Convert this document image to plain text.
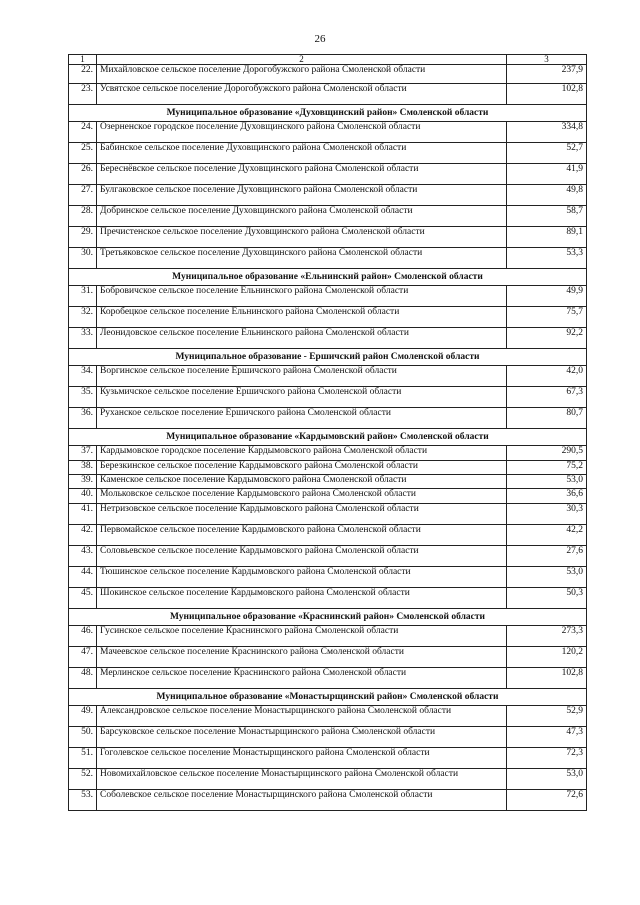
26
1	2	3
22.	Михайловское сельское поселение Дорогобужского района Смоленской области	237,9
23.	Усвятское сельское поселение Дорогобужского района Смоленской области	102,8
Муниципальное образование «Духовщинский район» Смоленской области		
24.	Озерненское городское поселение Духовщинского района Смоленской области	334,8
25.	Бабинское сельское поселение Духовщинского района Смоленской области	52,7
26.	Береснёвское сельское поселение Духовщинского района Смоленской области	41,9
27.	Булгаковское сельское поселение Духовщинского района Смоленской области	49,8
28.	Добринское сельское поселение Духовщинского района Смоленской области	58,7
29.	Пречистенское сельское поселение Духовщинского района Смоленской области	89,1
30.	Третьяковское сельское поселение Духовщинского района Смоленской области	53,3
Муниципальное образование «Ельнинский район» Смоленской области		
31.	Бобровичское сельское поселение Ельнинского района Смоленской области	49,9
32.	Коробецкое сельское поселение Ельнинского района Смоленской области	75,7
33.	Леонидовское сельское поселение Ельнинского района Смоленской области	92,2
Муниципальное образование - Ершичский район Смоленской области		
34.	Воргинское сельское поселение Ершичского района Смоленской области	42,0
35.	Кузьмичское сельское поселение Ершичского района Смоленской области	67,3
36.	Руханское сельское поселение Ершичского района Смоленской области	80,7
Муниципальное образование «Кардымовский район» Смоленской области		
37.	Кардымовское городское поселение Кардымовского района Смоленской области	290,5
38.	Березкинское сельское поселение Кардымовского района Смоленской области	75,2
39.	Каменское сельское поселение Кардымовского района Смоленской области	53,0
40.	Мольковское сельское поселение Кардымовского района Смоленской области	36,6
41.	Нетризовское сельское поселение Кардымовского района Смоленской области	30,3
42.	Первомайское сельское поселение Кардымовского района Смоленской области	42,2
43.	Соловьевское сельское поселение Кардымовского района Смоленской области	27,6
44.	Тюшинское сельское поселение Кардымовского района Смоленской области	53,0
45.	Шокинское сельское поселение Кардымовского района Смоленской области	50,3
Муниципальное образование «Краснинский район» Смоленской области		
46.	Гусинское сельское поселение Краснинского района Смоленской области	273,3
47.	Мачеевское сельское поселение Краснинского района Смоленской области	120,2
48.	Мерлинское сельское поселение Краснинского района Смоленской области	102,8
Муниципальное образование «Монастырщинский район» Смоленской области		
49.	Александровское сельское поселение Монастырщинского района Смоленской области	52,9
50.	Барсуковское сельское поселение Монастырщинского района Смоленской области	47,3
51.	Гоголевское сельское поселение Монастырщинского района Смоленской области	72,3
52.	Новомихайловское сельское поселение Монастырщинского района Смоленской области	53,0
53.	Соболевское сельское поселение Монастырщинского района Смоленской области	72,6
